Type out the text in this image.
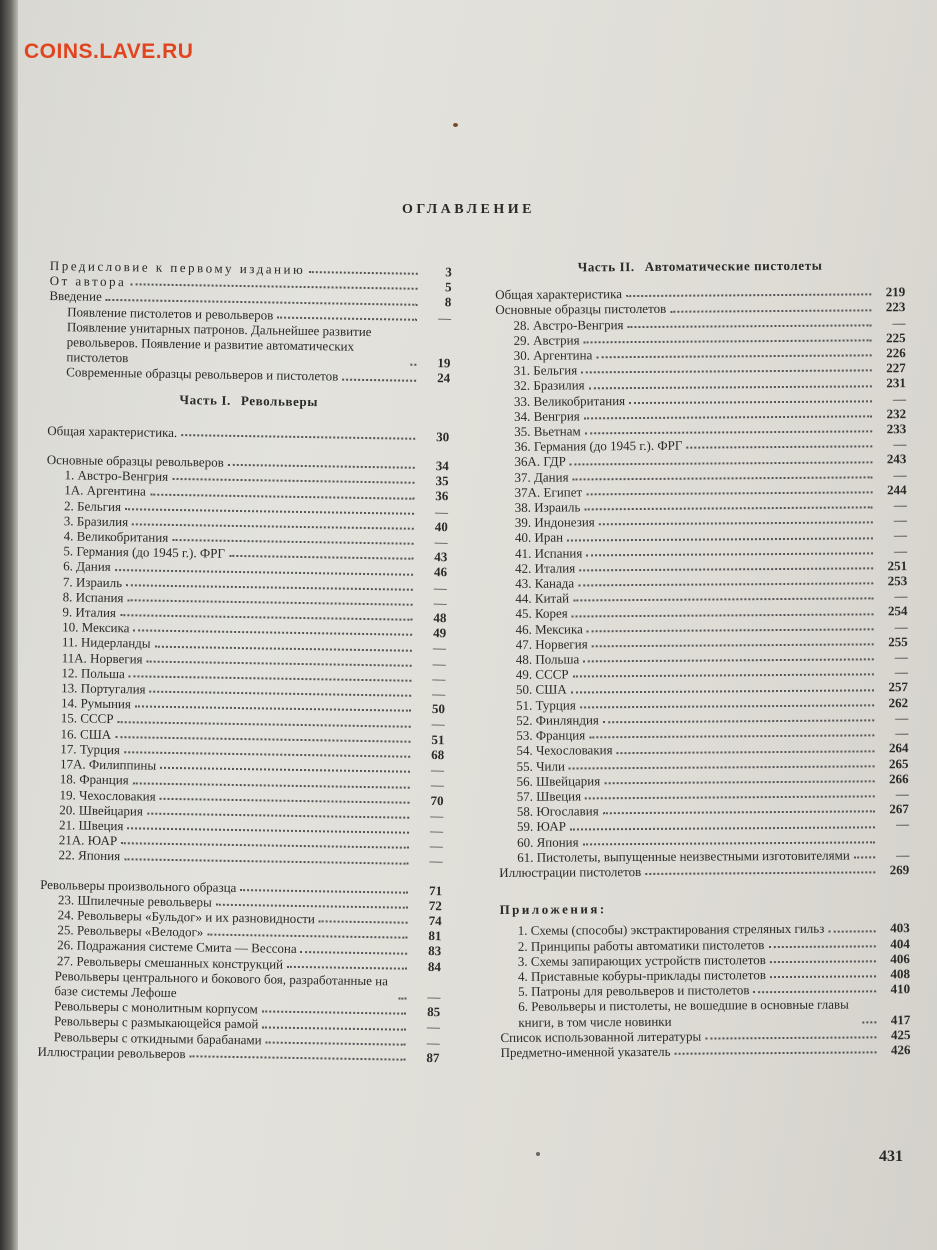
COINS.LAVE.RU
ОГЛАВЛЕНИЕ
Предисловие к первому изданию	3
От автора	5
Введение	8
Появление пистолетов и револьверов	—
Появление унитарных патронов. Дальнейшее развитие револьверов. Появление и развитие автоматических пистолетов	19
Современные образцы револьверов и пистолетов	24
Часть I. Револьверы
Общая характеристика.	30
Основные образцы револьверов	34
1. Австро-Венгрия	35
1А. Аргентина	36
2. Бельгия	—
3. Бразилия	40
4. Великобритания	—
5. Германия (до 1945 г.). ФРГ	43
6. Дания	46
7. Израиль	—
8. Испания	—
9. Италия	48
10. Мексика	49
11. Нидерланды	—
11А. Норвегия	—
12. Польша	—
13. Португалия	—
14. Румыния	50
15. СССР	—
16. США	51
17. Турция	68
17А. Филиппины	—
18. Франция	—
19. Чехословакия	70
20. Швейцария	—
21. Швеция	—
21А. ЮАР	—
22. Япония	—
Револьверы произвольного образца	71
23. Шпилечные револьверы	72
24. Револьверы «Бульдог» и их разновидности	74
25. Револьверы «Велодог»	81
26. Подражания системе Смита — Вессона	83
27. Револьверы смешанных конструкций	84
Револьверы центрального и бокового боя, разработанные на базе системы Лефоше	—
Револьверы с монолитным корпусом	85
Револьверы с размыкающейся рамой	—
Револьверы с откидными барабанами	—
Иллюстрации револьверов	87
Часть II. Автоматические пистолеты
Общая характеристика	219
Основные образцы пистолетов	223
28. Австро-Венгрия	—
29. Австрия	225
30. Аргентина	226
31. Бельгия	227
32. Бразилия	231
33. Великобритания	—
34. Венгрия	232
35. Вьетнам	233
36. Германия (до 1945 г.). ФРГ	—
36А. ГДР	243
37. Дания	—
37А. Египет	244
38. Израиль	—
39. Индонезия	—
40. Иран	—
41. Испания	—
42. Италия	251
43. Канада	253
44. Китай	—
45. Корея	254
46. Мексика	—
47. Норвегия	255
48. Польша	—
49. СССР	—
50. США	257
51. Турция	262
52. Финляндия	—
53. Франция	—
54. Чехословакия	264
55. Чили	265
56. Швейцария	266
57. Швеция	—
58. Югославия	267
59. ЮАР	—
60. Япония
61. Пистолеты, выпущенные неизвестными изготовителями	—
Иллюстрации пистолетов	269
Приложения:
1. Схемы (способы) экстрактирования стреляных гильз	403
2. Принципы работы автоматики пистолетов	404
3. Схемы запирающих устройств пистолетов	406
4. Приставные кобуры-приклады пистолетов	408
5. Патроны для револьверов и пистолетов	410
6. Револьверы и пистолеты, не вошедшие в основные главы книги, в том числе новинки	417
Список использованной литературы	425
Предметно-именной указатель	426
431
